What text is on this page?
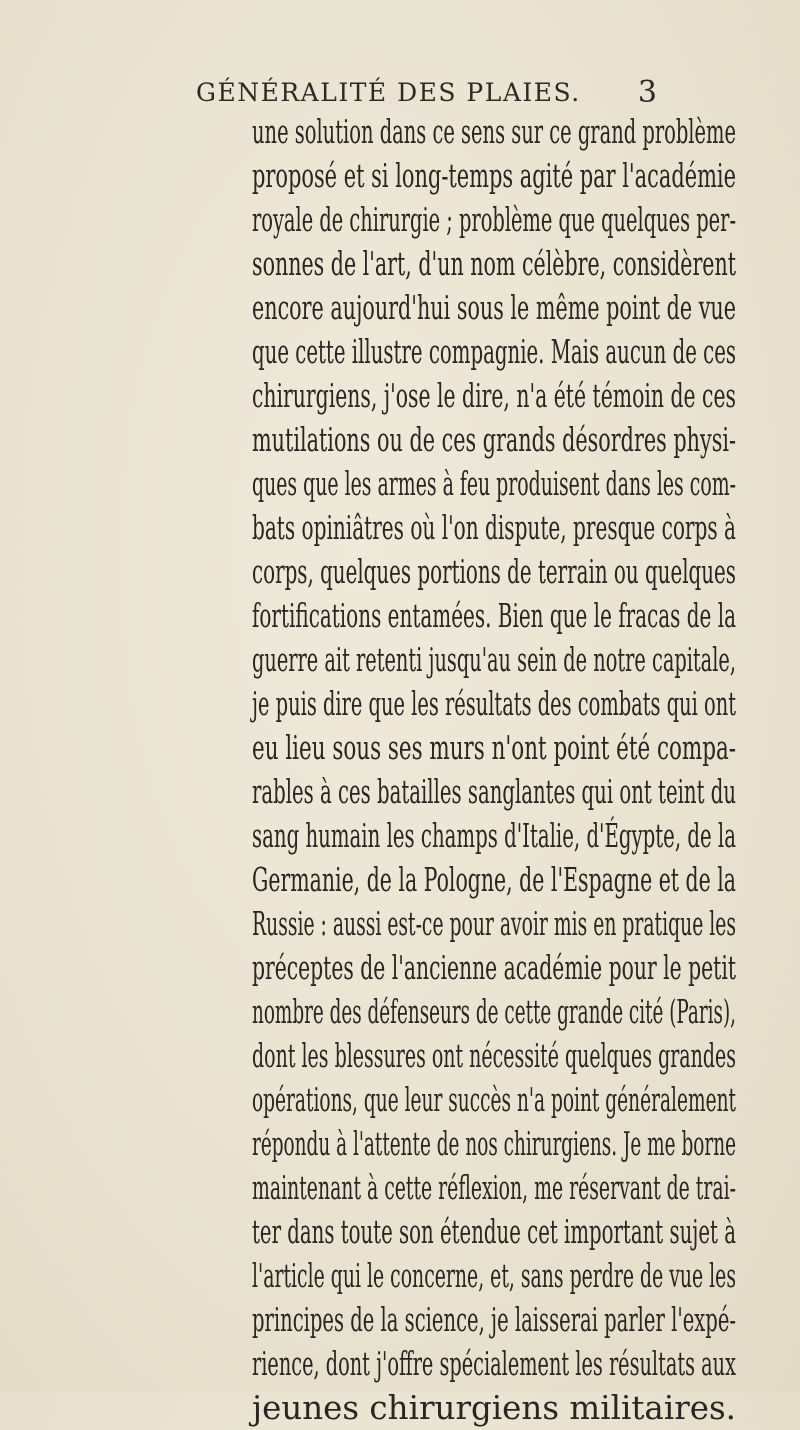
GÉNÉRALITÉ DES PLAIES. 3
une solution dans ce sens sur ce grand problème
proposé et si long-temps agité par l'académie
royale de chirurgie ; problème que quelques per-
sonnes de l'art, d'un nom célèbre, considèrent
encore aujourd'hui sous le même point de vue
que cette illustre compagnie. Mais aucun de ces
chirurgiens, j'ose le dire, n'a été témoin de ces
mutilations ou de ces grands désordres physi-
ques que les armes à feu produisent dans les com-
bats opiniâtres où l'on dispute, presque corps à
corps, quelques portions de terrain ou quelques
fortifications entamées. Bien que le fracas de la
guerre ait retenti jusqu'au sein de notre capitale,
je puis dire que les résultats des combats qui ont
eu lieu sous ses murs n'ont point été compa-
rables à ces batailles sanglantes qui ont teint du
sang humain les champs d'Italie, d'Égypte, de la
Germanie, de la Pologne, de l'Espagne et de la
Russie : aussi est-ce pour avoir mis en pratique les
préceptes de l'ancienne académie pour le petit
nombre des défenseurs de cette grande cité (Paris),
dont les blessures ont nécessité quelques grandes
opérations, que leur succès n'a point généralement
répondu à l'attente de nos chirurgiens. Je me borne
maintenant à cette réflexion, me réservant de trai-
ter dans toute son étendue cet important sujet à
l'article qui le concerne, et, sans perdre de vue les
principes de la science, je laisserai parler l'expé-
rience, dont j'offre spécialement les résultats aux
jeunes chirurgiens militaires.
